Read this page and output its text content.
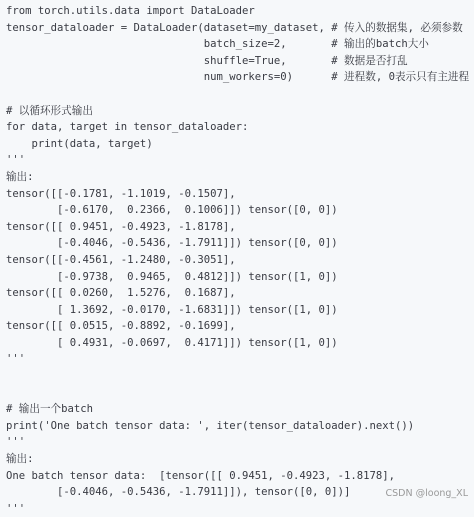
from torch.utils.data import DataLoader
tensor_dataloader = DataLoader(dataset=my_dataset, # 传入的数据集, 必须参数
batch_size=2,       # 输出的batch大小
shuffle=True,       # 数据是否打乱
num_workers=0)      # 进程数, 0表示只有主进程
# 以循环形式输出
for data, target in tensor_dataloader:
print(data, target)
'''
输出:
tensor([[-0.1781, -1.1019, -0.1507],
[-0.6170,  0.2366,  0.1006]]) tensor([0, 0])
tensor([[ 0.9451, -0.4923, -1.8178],
[-0.4046, -0.5436, -1.7911]]) tensor([0, 0])
tensor([[-0.4561, -1.2480, -0.3051],
[-0.9738,  0.9465,  0.4812]]) tensor([1, 0])
tensor([[ 0.0260,  1.5276,  0.1687],
[ 1.3692, -0.0170, -1.6831]]) tensor([1, 0])
tensor([[ 0.0515, -0.8892, -0.1699],
[ 0.4931, -0.0697,  0.4171]]) tensor([1, 0])
'''
# 输出一个batch
print('One batch tensor data: ', iter(tensor_dataloader).next())
'''
输出:
One batch tensor data:  [tensor([[ 0.9451, -0.4923, -1.8178],
[-0.4046, -0.5436, -1.7911]]), tensor([0, 0])]
'''
CSDN @loong_XL
